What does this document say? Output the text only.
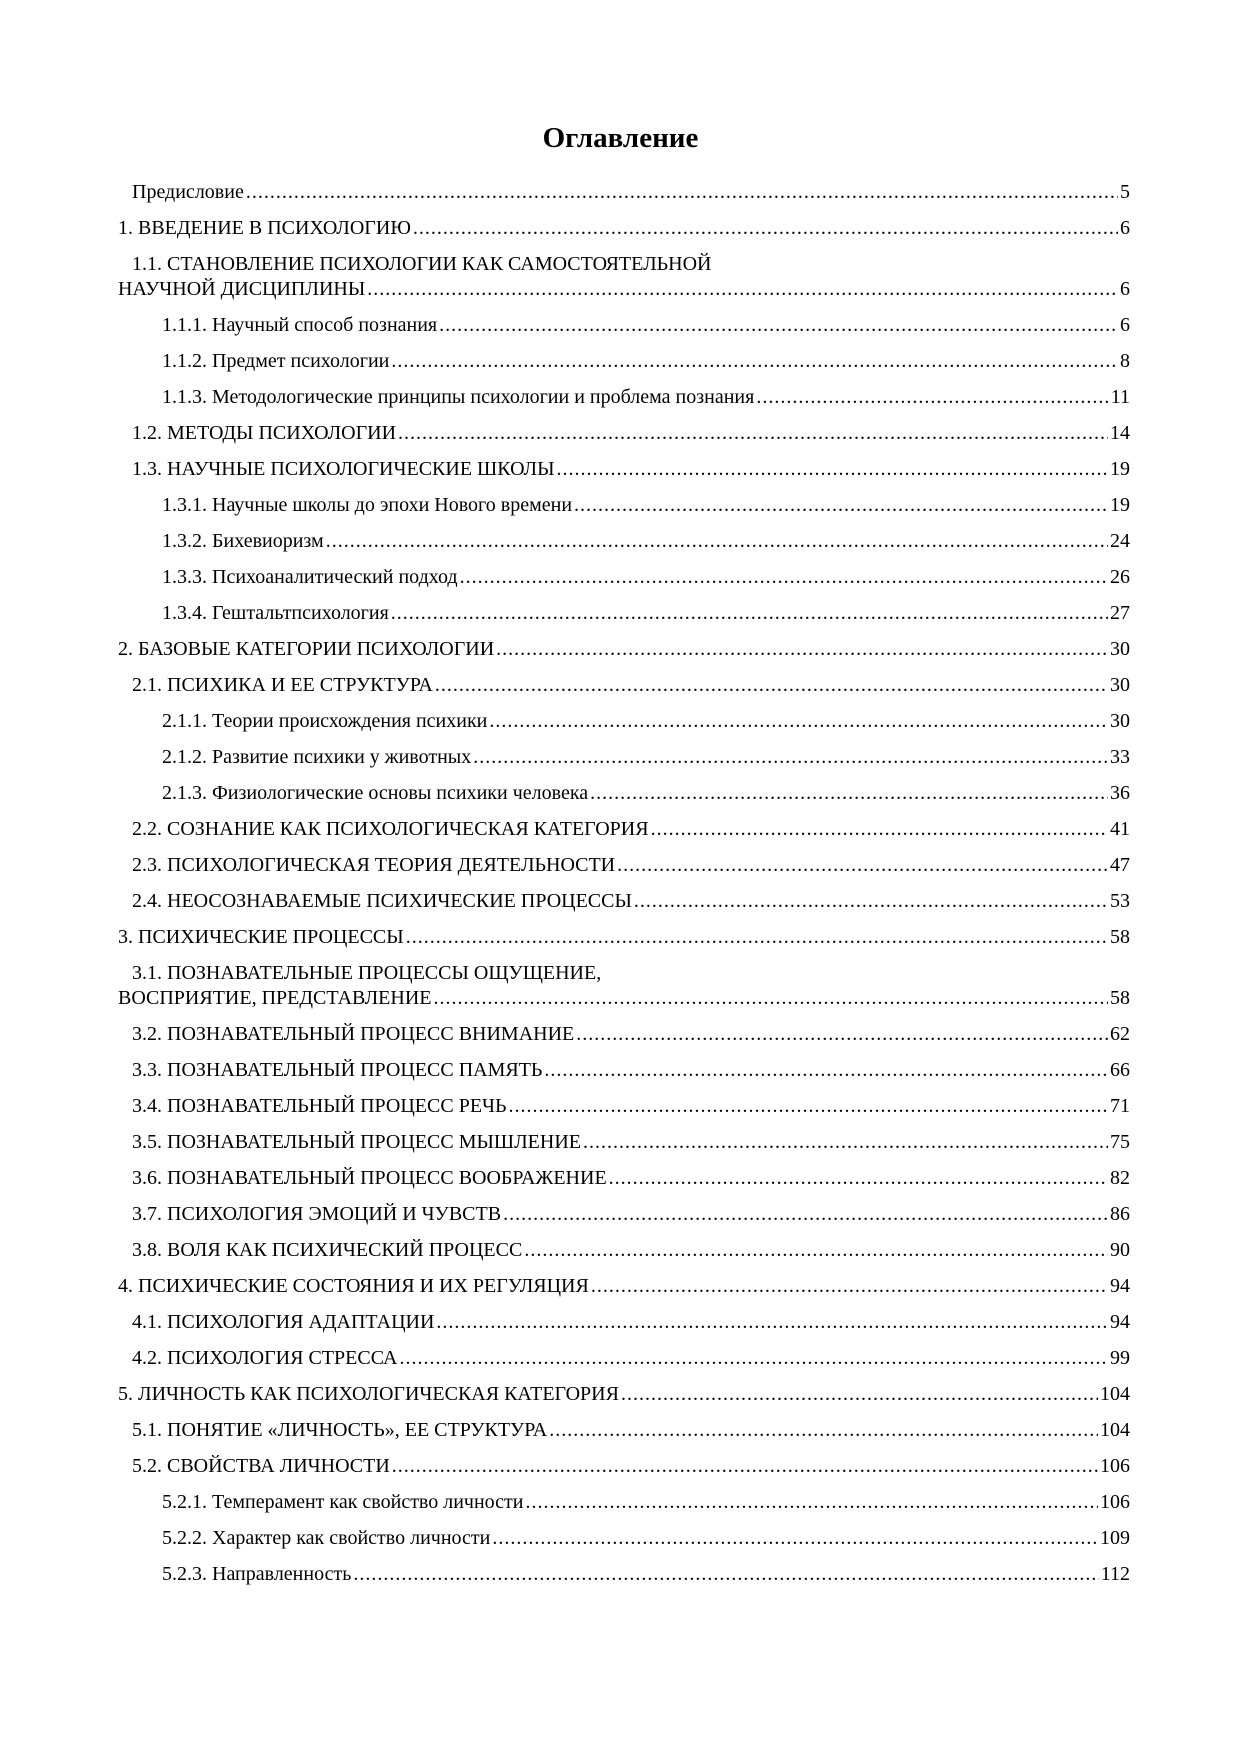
Оглавление
Предисловие .....	5
1. ВВЕДЕНИЕ В ПСИХОЛОГИЮ .....	6
1.1. СТАНОВЛЕНИЕ ПСИХОЛОГИИ КАК САМОСТОЯТЕЛЬНОЙ
НАУЧНОЙ ДИСЦИПЛИНЫ .....	6
1.1.1. Научный способ познания .....	6
1.1.2. Предмет психологии .....	8
1.1.3. Методологические принципы психологии и проблема познания .....	11
1.2. МЕТОДЫ ПСИХОЛОГИИ .....	14
1.3. НАУЧНЫЕ ПСИХОЛОГИЧЕСКИЕ ШКОЛЫ .....	19
1.3.1. Научные школы до эпохи Нового времени .....	19
1.3.2. Бихевиоризм .....	24
1.3.3. Психоаналитический подход .....	26
1.3.4. Гештальтпсихология .....	27
2. БАЗОВЫЕ КАТЕГОРИИ ПСИХОЛОГИИ .....	30
2.1. ПСИХИКА И ЕЕ СТРУКТУРА .....	30
2.1.1. Теории происхождения психики .....	30
2.1.2. Развитие психики у животных .....	33
2.1.3. Физиологические основы психики человека .....	36
2.2. СОЗНАНИЕ КАК ПСИХОЛОГИЧЕСКАЯ КАТЕГОРИЯ .....	41
2.3. ПСИХОЛОГИЧЕСКАЯ ТЕОРИЯ ДЕЯТЕЛЬНОСТИ .....	47
2.4. НЕОСОЗНАВАЕМЫЕ ПСИХИЧЕСКИЕ ПРОЦЕССЫ .....	53
3. ПСИХИЧЕСКИЕ ПРОЦЕССЫ .....	58
3.1. ПОЗНАВАТЕЛЬНЫЕ ПРОЦЕССЫ ОЩУЩЕНИЕ,
ВОСПРИЯТИЕ, ПРЕДСТАВЛЕНИЕ .....	58
3.2. ПОЗНАВАТЕЛЬНЫЙ ПРОЦЕСС ВНИМАНИЕ .....	62
3.3. ПОЗНАВАТЕЛЬНЫЙ ПРОЦЕСС ПАМЯТЬ .....	66
3.4. ПОЗНАВАТЕЛЬНЫЙ ПРОЦЕСС РЕЧЬ .....	71
3.5. ПОЗНАВАТЕЛЬНЫЙ ПРОЦЕСС МЫШЛЕНИЕ .....	75
3.6. ПОЗНАВАТЕЛЬНЫЙ ПРОЦЕСС ВООБРАЖЕНИЕ .....	82
3.7. ПСИХОЛОГИЯ ЭМОЦИЙ И ЧУВСТВ .....	86
3.8. ВОЛЯ КАК ПСИХИЧЕСКИЙ ПРОЦЕСС .....	90
4. ПСИХИЧЕСКИЕ СОСТОЯНИЯ И ИХ РЕГУЛЯЦИЯ .....	94
4.1. ПСИХОЛОГИЯ АДАПТАЦИИ .....	94
4.2. ПСИХОЛОГИЯ СТРЕССА .....	99
5. ЛИЧНОСТЬ КАК ПСИХОЛОГИЧЕСКАЯ КАТЕГОРИЯ .....	104
5.1. ПОНЯТИЕ «ЛИЧНОСТЬ», ЕЕ СТРУКТУРА .....	104
5.2. СВОЙСТВА ЛИЧНОСТИ .....	106
5.2.1. Темперамент как свойство личности .....	106
5.2.2. Характер как свойство личности .....	109
5.2.3. Направленность .....	112
